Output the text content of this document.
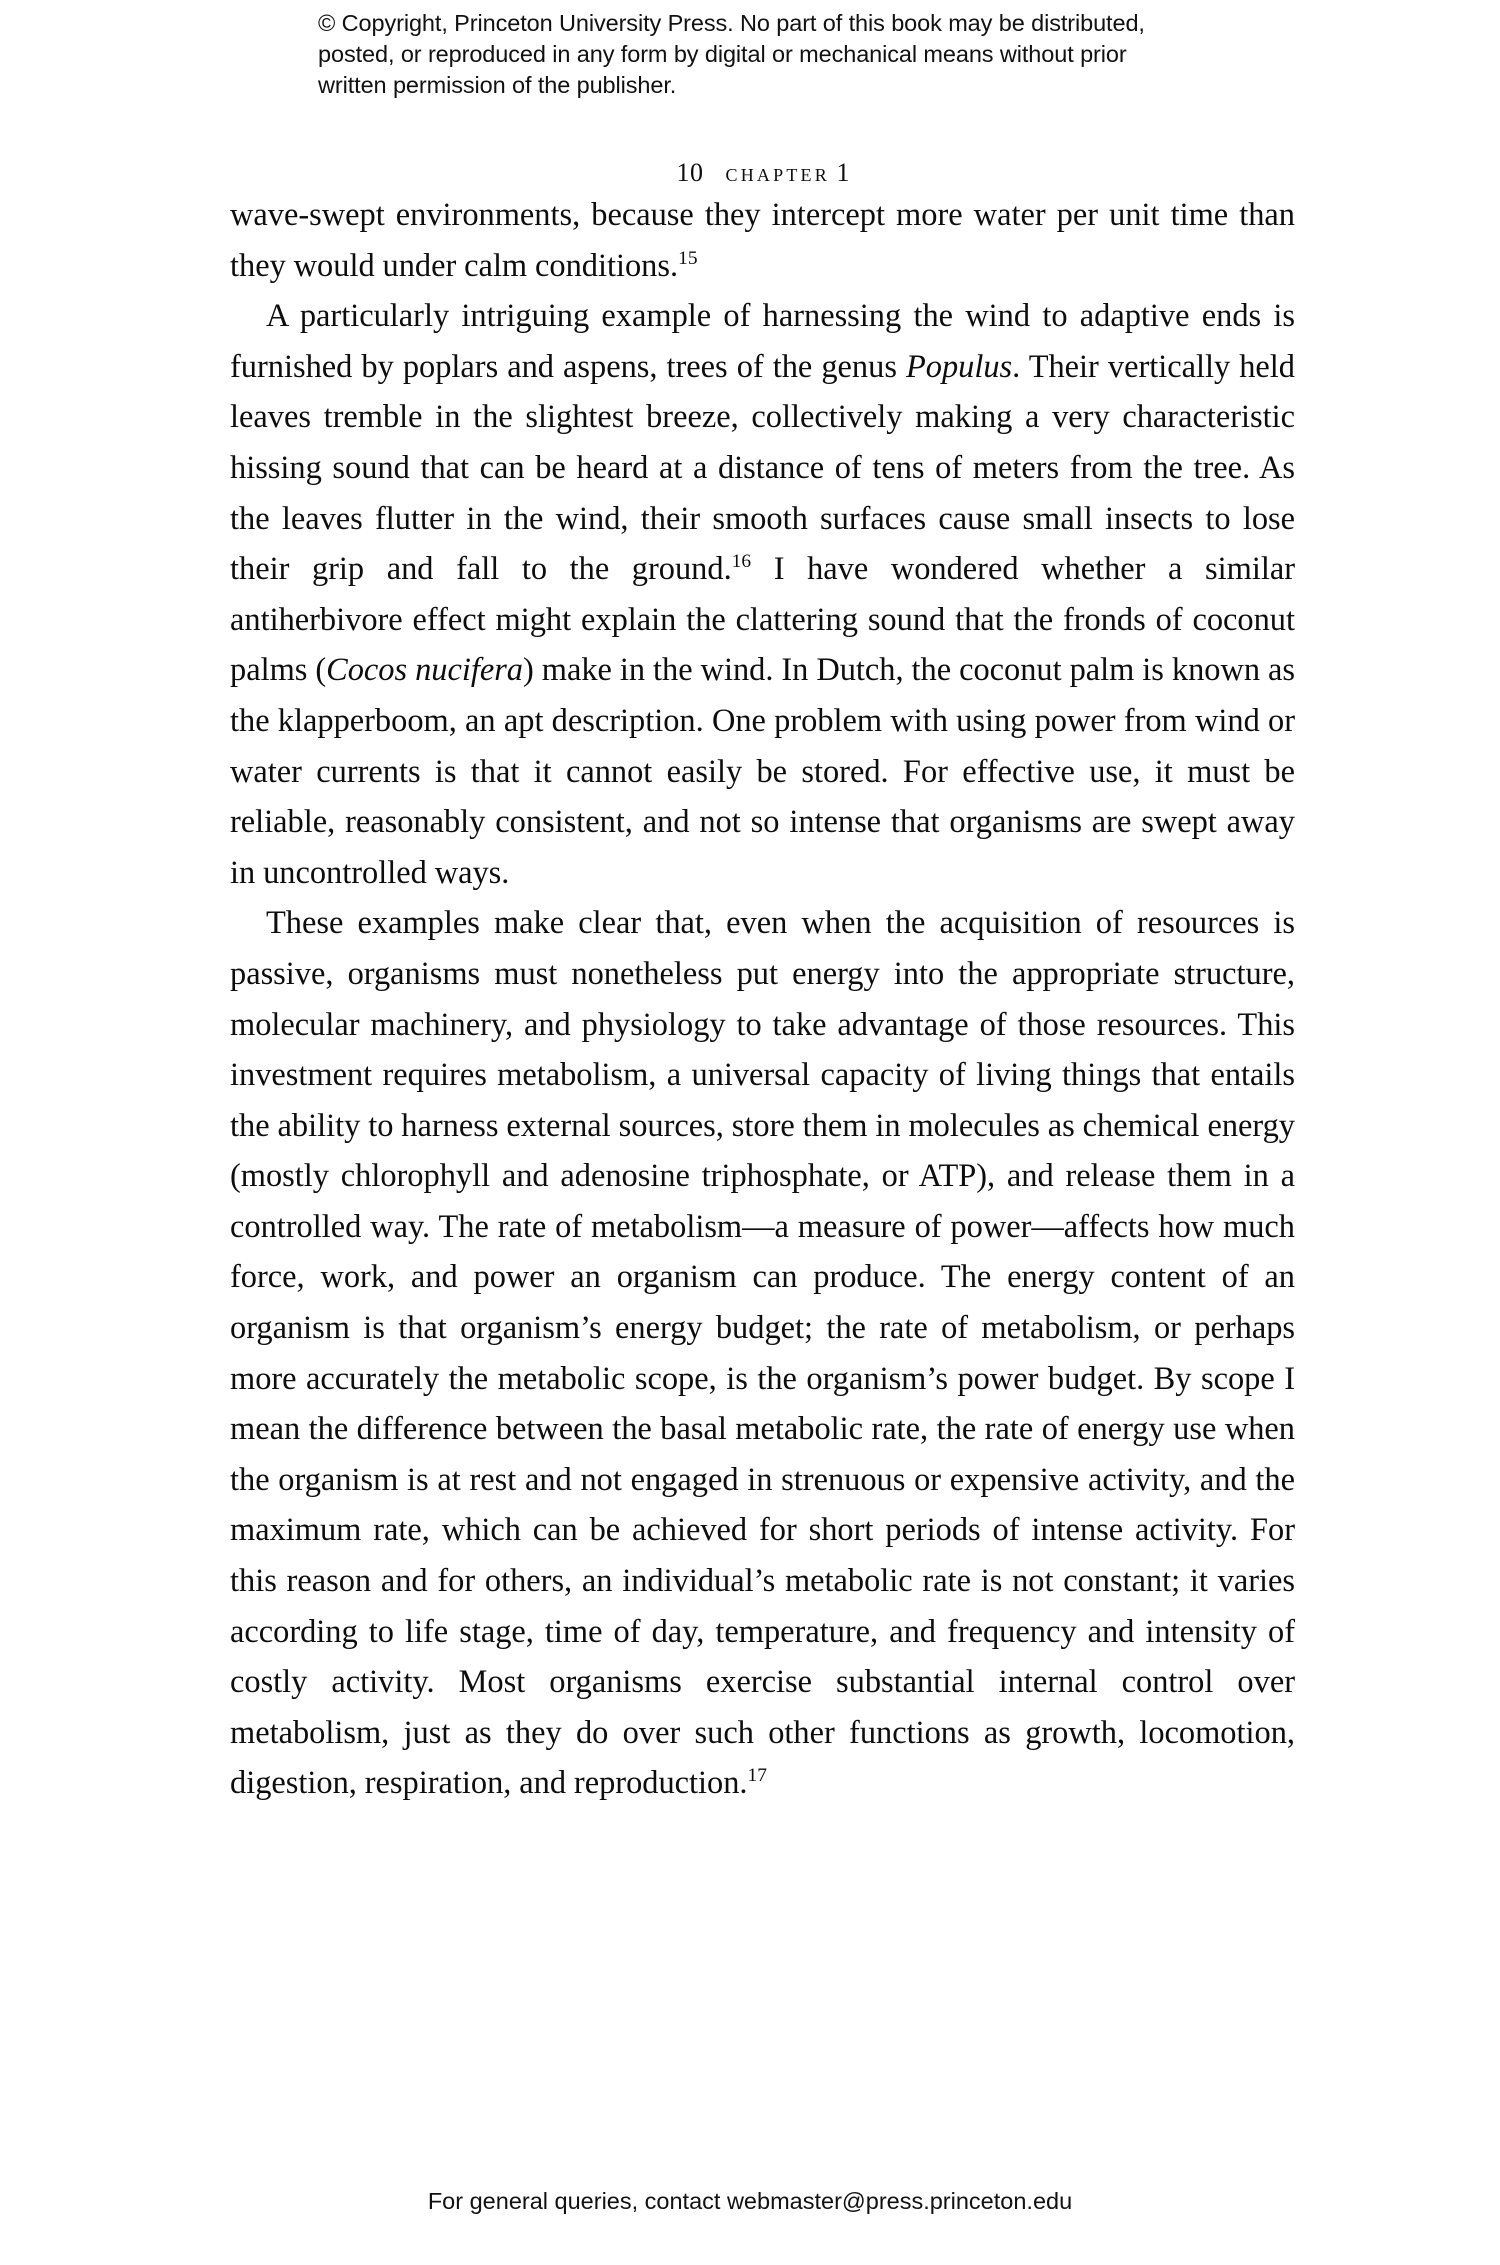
© Copyright, Princeton University Press. No part of this book may be distributed, posted, or reproduced in any form by digital or mechanical means without prior written permission of the publisher.

10 chapter 1

wave-swept environments, because they intercept more water per unit time than they would under calm conditions.$^{15}$

A particularly intriguing example of harnessing the wind to adaptive ends is furnished by poplars and aspens, trees of the genus Populus. Their vertically held leaves tremble in the slightest breeze, collectively making a very characteristic hissing sound that can be heard at a distance of tens of meters from the tree. As the leaves flutter in the wind, their smooth surfaces cause small insects to lose their grip and fall to the ground.$^{16}$ I have wondered whether a similar antiherbivore effect might explain the clattering sound that the fronds of coconut palms (Cocos nucifera) make in the wind. In Dutch, the coconut palm is known as the klapperboom, an apt description. One problem with using power from wind or water currents is that it cannot easily be stored. For effective use, it must be reliable, reasonably consistent, and not so intense that organisms are swept away in uncontrolled ways.

These examples make clear that, even when the acquisition of resources is passive, organisms must nonetheless put energy into the appropriate structure, molecular machinery, and physiology to take advantage of those resources. This investment requires metabolism, a universal capacity of living things that entails the ability to harness external sources, store them in molecules as chemical energy (mostly chlorophyll and adenosine triphosphate, or ATP), and release them in a controlled way. The rate of metabolism—a measure of power—affects how much force, work, and power an organism can produce. The energy content of an organism is that organism’s energy budget; the rate of metabolism, or perhaps more accurately the metabolic scope, is the organism’s power budget. By scope I mean the difference between the basal metabolic rate, the rate of energy use when the organism is at rest and not engaged in strenuous or expensive activity, and the maximum rate, which can be achieved for short periods of intense activity. For this reason and for others, an individual’s metabolic rate is not constant; it varies according to life stage, time of day, temperature, and frequency and intensity of costly activity. Most organisms exercise substantial internal control over metabolism, just as they do over such other functions as growth, locomotion, digestion, respiration, and reproduction.$^{17}$

For general queries, contact webmaster@press.princeton.edu
